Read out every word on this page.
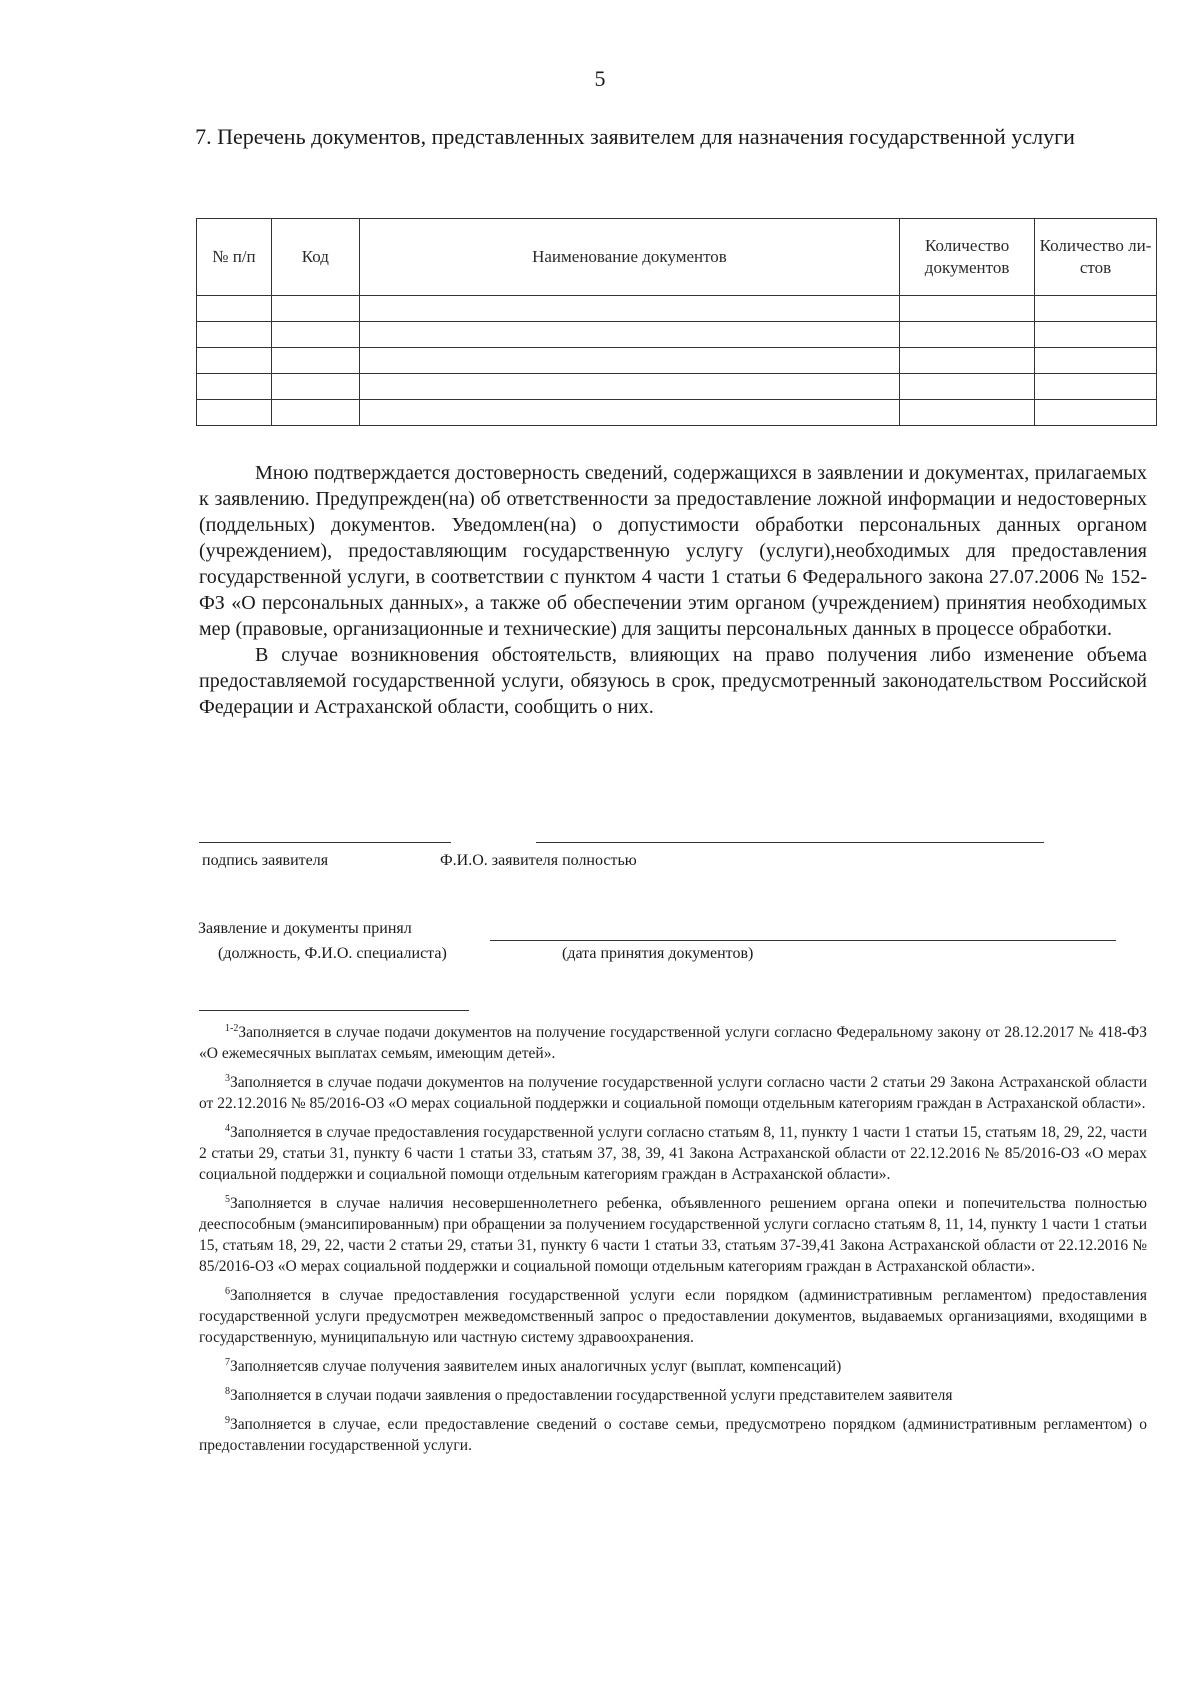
5
7. Перечень документов, представленных заявителем для назначения государственной услуги
№ п/п	Код	Наименование документов	Количество документов	Количество листов

Мною подтверждается достоверность сведений, содержащихся в заявлении и документах, прилагаемых к заявлению. Предупрежден(на) об ответственности за предоставление ложной информации и недостоверных (поддельных) документов. Уведомлен(на) о допустимости обработки персональных данных органом (учреждением), предоставляющим государственную услугу (услуги),необходимых для предоставления государственной услуги, в соответствии с пунктом 4 части 1 статьи 6 Федерального закона 27.07.2006 № 152-ФЗ «О персональных данных», а также об обеспечении этим органом (учреждением) принятия необходимых мер (правовые, организационные и технические) для защиты персональных данных в процессе обработки.

В случае возникновения обстоятельств, влияющих на право получения либо изменение объема предоставляемой государственной услуги, обязуюсь в срок, предусмотренный законодательством Российской Федерации и Астраханской области, сообщить о них.

подпись заявителя	Ф.И.О. заявителя полностью
Заявление и документы принял
(должность, Ф.И.О. специалиста)	(дата принятия документов)

$^{1-2}$Заполняется в случае подачи документов на получение государственной услуги согласно Федеральному закону от 28.12.2017 № 418-ФЗ «О ежемесячных выплатах семьям, имеющим детей».

$^3$Заполняется в случае подачи документов на получение государственной услуги согласно части 2 статьи 29 Закона Астраханской области от 22.12.2016 № 85/2016-ОЗ «О мерах социальной поддержки и социальной помощи отдельным категориям граждан в Астраханской области».

$^4$Заполняется в случае предоставления государственной услуги согласно статьям 8, 11, пункту 1 части 1 статьи 15, статьям 18, 29, 22, части 2 статьи 29, статьи 31, пункту 6 части 1 статьи 33, статьям 37, 38, 39, 41 Закона Астраханской области от 22.12.2016 № 85/2016-ОЗ «О мерах социальной поддержки и социальной помощи отдельным категориям граждан в Астраханской области».

$^5$Заполняется в случае наличия несовершеннолетнего ребенка, объявленного решением органа опеки и попечительства полностью дееспособным (эмансипированным) при обращении за получением государственной услуги согласно статьям 8, 11, 14, пункту 1 части 1 статьи 15, статьям 18, 29, 22, части 2 статьи 29, статьи 31, пункту 6 части 1 статьи 33, статьям 37-39,41 Закона Астраханской области от 22.12.2016 № 85/2016-ОЗ «О мерах социальной поддержки и социальной помощи отдельным категориям граждан в Астраханской области».

$^6$Заполняется в случае предоставления государственной услуги если порядком (административным регламентом) предоставления государственной услуги предусмотрен межведомственный запрос о предоставлении документов, выдаваемых организациями, входящими в государственную, муниципальную или частную систему здравоохранения.

$^7$Заполняетсяв случае получения заявителем иных аналогичных услуг (выплат, компенсаций)

$^8$Заполняется в случаи подачи заявления о предоставлении государственной услуги представителем заявителя

$^9$Заполняется в случае, если предоставление сведений о составе семьи, предусмотрено порядком (административным регламентом) о предоставлении государственной услуги.
